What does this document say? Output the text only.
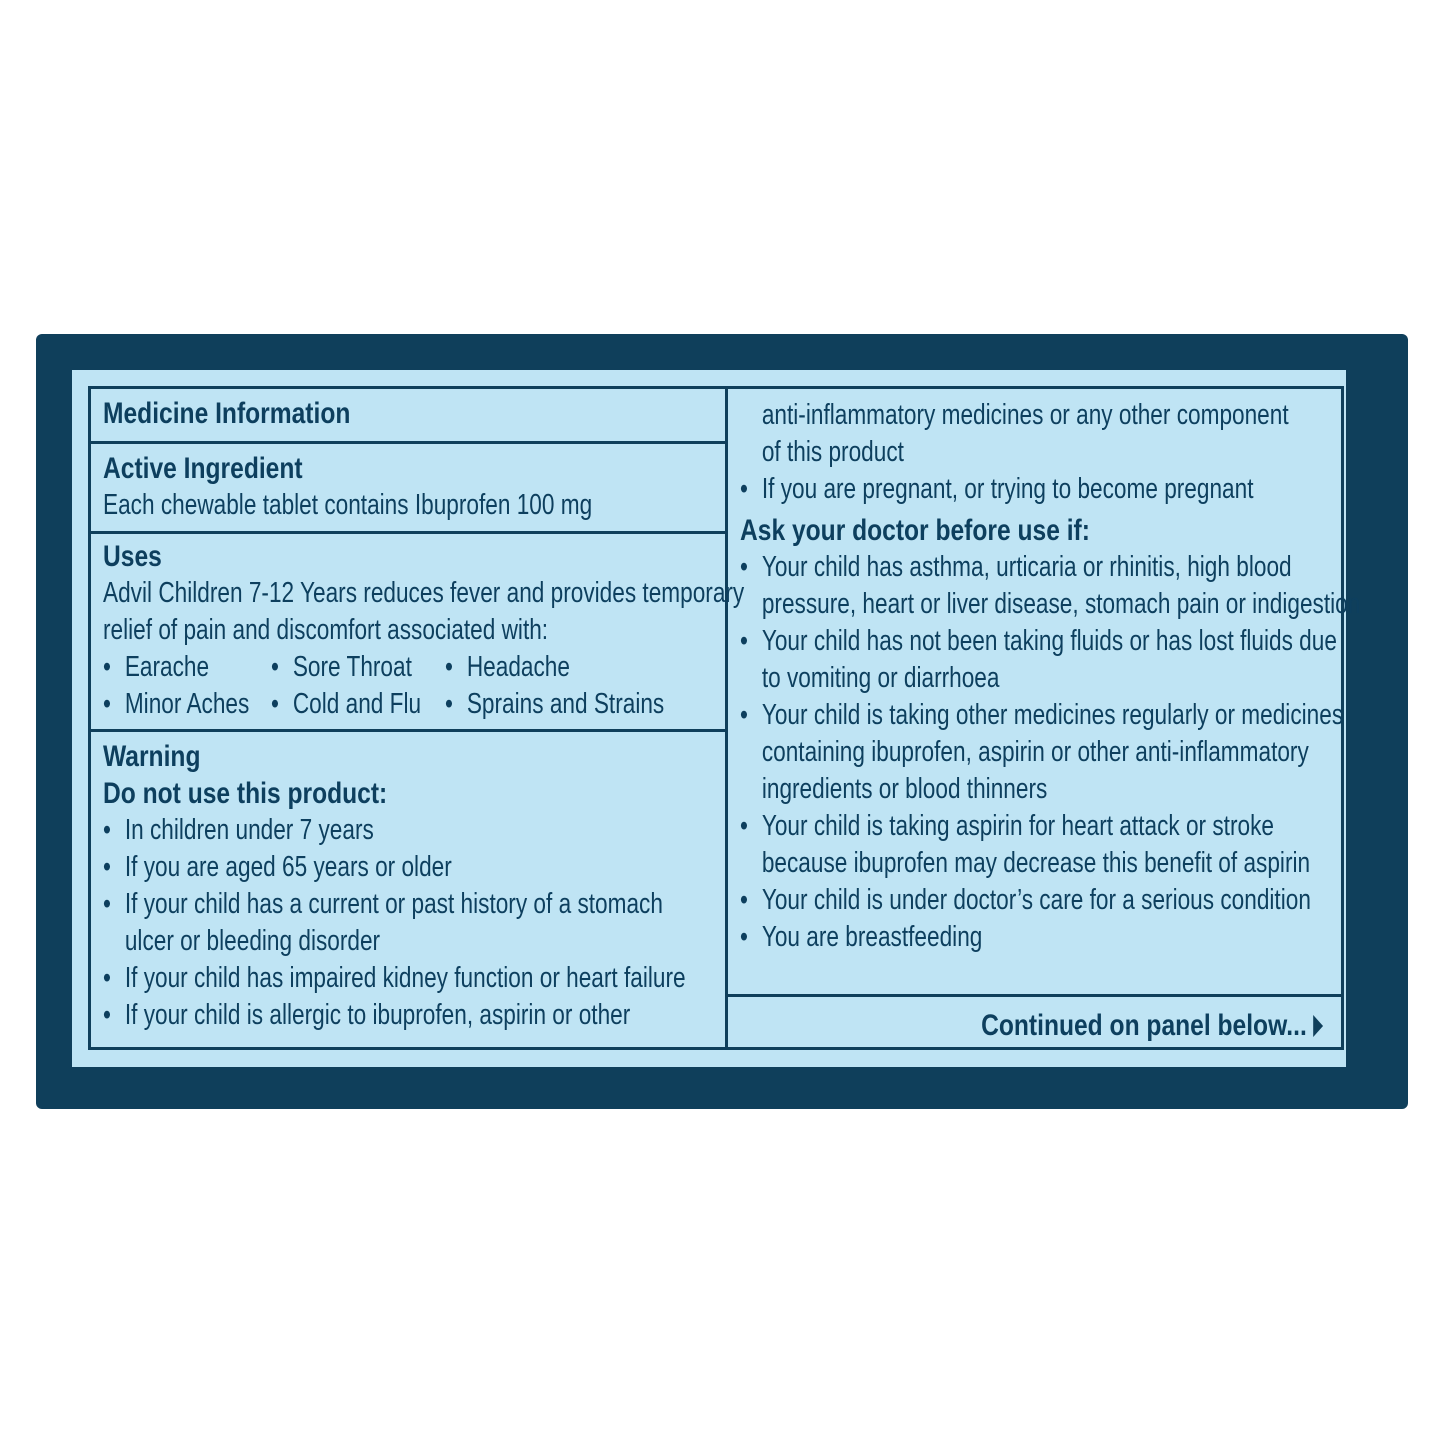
Medicine Information

Active Ingredient

Each chewable tablet contains Ibuprofen 100 mg

Uses

Advil Children 7-12 Years reduces fever and provides temporary

relief of pain and discomfort associated with:

• Earache	• Sore Throat • Headache
• Minor Aches • Cold and Flu • Sprains and Strains

Warning

Do not use this product:

• In children under 7 years

• If you are aged 65 years or older

• If your child has a current or past history of a stomach

ulcer or bleeding disorder

• If your child has impaired kidney function or heart failure

• If your child is allergic to ibuprofen, aspirin or other

anti-inflammatory medicines or any other component

of this product

• If you are pregnant, or trying to become pregnant

Ask your doctor before use if:

• Your child has asthma, urticaria or rhinitis, high blood

pressure, heart or liver disease, stomach pain or indigestion

• Your child has not been taking fluids or has lost fluids due

to vomiting or diarrhoea

• Your child is taking other medicines regularly or medicines

containing ibuprofen, aspirin or other anti-inflammatory

ingredients or blood thinners

• Your child is taking aspirin for heart attack or stroke

because ibuprofen may decrease this benefit of aspirin

• Your child is under doctor’s care for a serious condition

• You are breastfeeding

Continued on panel below...
